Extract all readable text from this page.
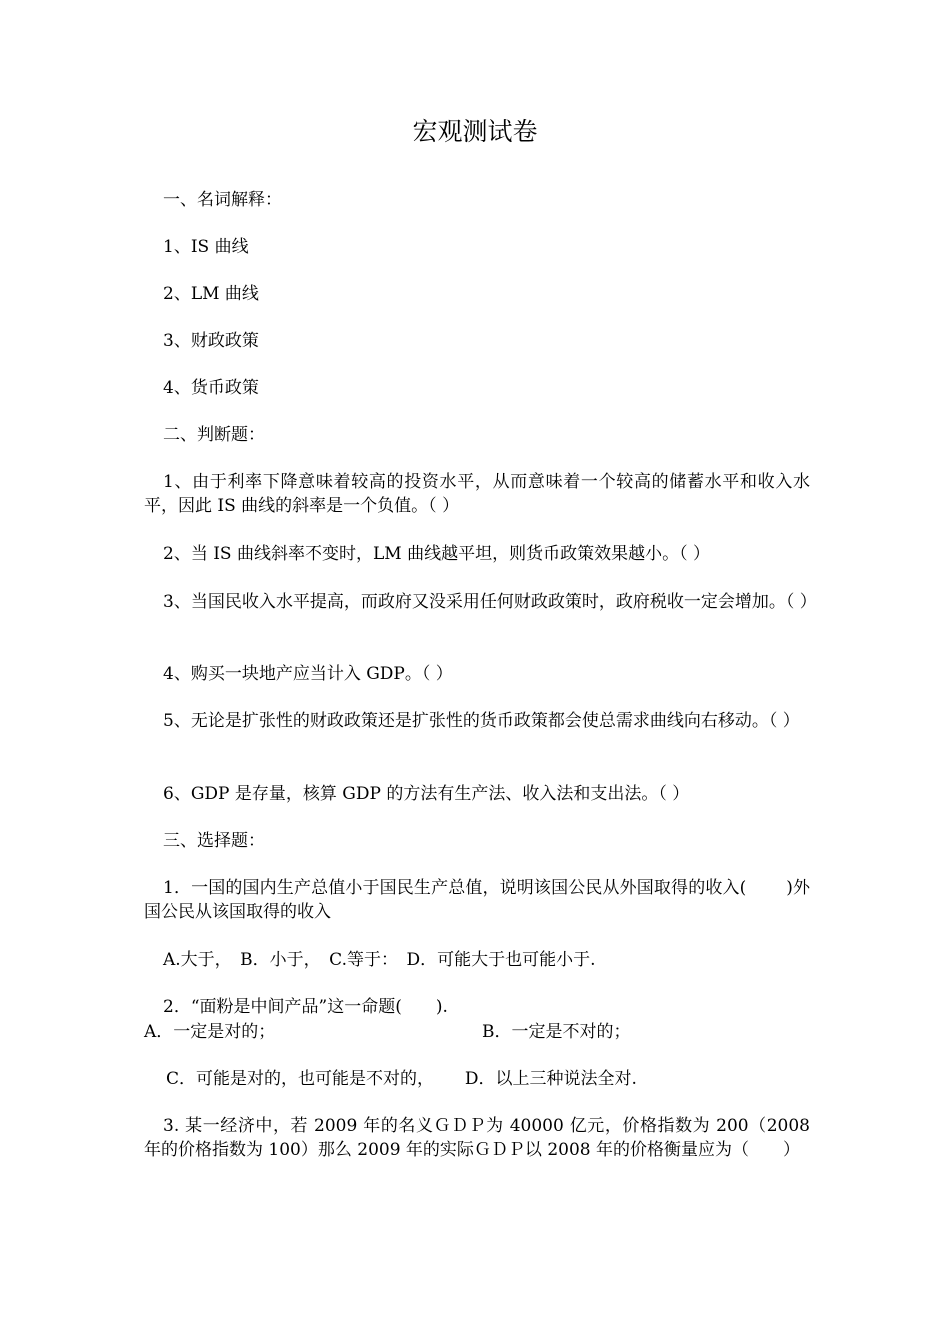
宏观测试卷

一、名词解释：

1、IS 曲线

2、LM 曲线

3、财政政策

4、货币政策

二、判断题：

1、由于利率下降意味着较高的投资水平，从而意味着一个较高的储蓄水平和收入水平，因此 IS 曲线的斜率是一个负值。（ ）

2、当 IS 曲线斜率不变时，LM 曲线越平坦，则货币政策效果越小。（ ）

3、当国民收入水平提高，而政府又没采用任何财政政策时，政府税收一定会增加。（ ）

4、购买一块地产应当计入 GDP。（ ）

5、无论是扩张性的财政政策还是扩张性的货币政策都会使总需求曲线向右移动。（ ）

6、GDP 是存量，核算 GDP 的方法有生产法、收入法和支出法。（ ）

三、选择题：

1．一国的国内生产总值小于国民生产总值，说明该国公民从外国取得的收入(　　 )外国公民从该国取得的收入

A.大于，　B．小于，　C.等于：　D．可能大于也可能小于.

2．“面粉是中间产品”这一命题(　　).

A．一定是对的；	B．一定是不对的；

C．可能是对的，也可能是不对的，　　 D．以上三种说法全对.

3. 某一经济中，若 2009 年的名义ＧＤＰ为 40000 亿元，价格指数为 200（2008 年的价格指数为 100）那么 2009 年的实际ＧＤＰ以 2008 年的价格衡量应为（　　）
